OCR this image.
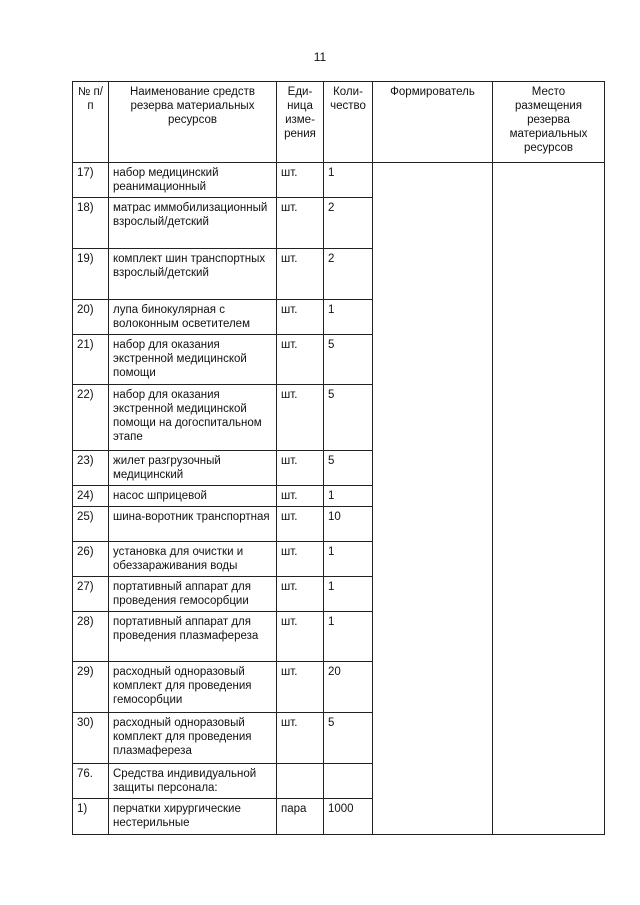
11
№ п/п	Наименование средств резерва материальных ресурсов	Еди-ница изме-рения	Коли-чество	Формирователь	Место размещения резерва материальных ресурсов
17)	набор медицинский реанимационный	шт.	1		
18)	матрас иммобилизационный взрослый/детский	шт.	2		
19)	комплект шин транспортных взрослый/детский	шт.	2		
20)	лупа бинокулярная с волоконным осветителем	шт.	1		
21)	набор для оказания экстренной медицинской помощи	шт.	5		
22)	набор для оказания экстренной медицинской помощи на догоспитальном этапе	шт.	5		
23)	жилет разгрузочный медицинский	шт.	5		
24)	насос шприцевой	шт.	1		
25)	шина-воротник транспортная	шт.	10		
26)	установка для очистки и обеззараживания воды	шт.	1		
27)	портативный аппарат для проведения гемосорбции	шт.	1		
28)	портативный аппарат для проведения плазмафереза	шт.	1		
29)	расходный одноразовый комплект для проведения гемосорбции	шт.	20		
30)	расходный одноразовый комплект для проведения плазмафереза	шт.	5		
76.	Средства индивидуальной защиты персонала:				
1)	перчатки хирургические нестерильные	пара	1000		
